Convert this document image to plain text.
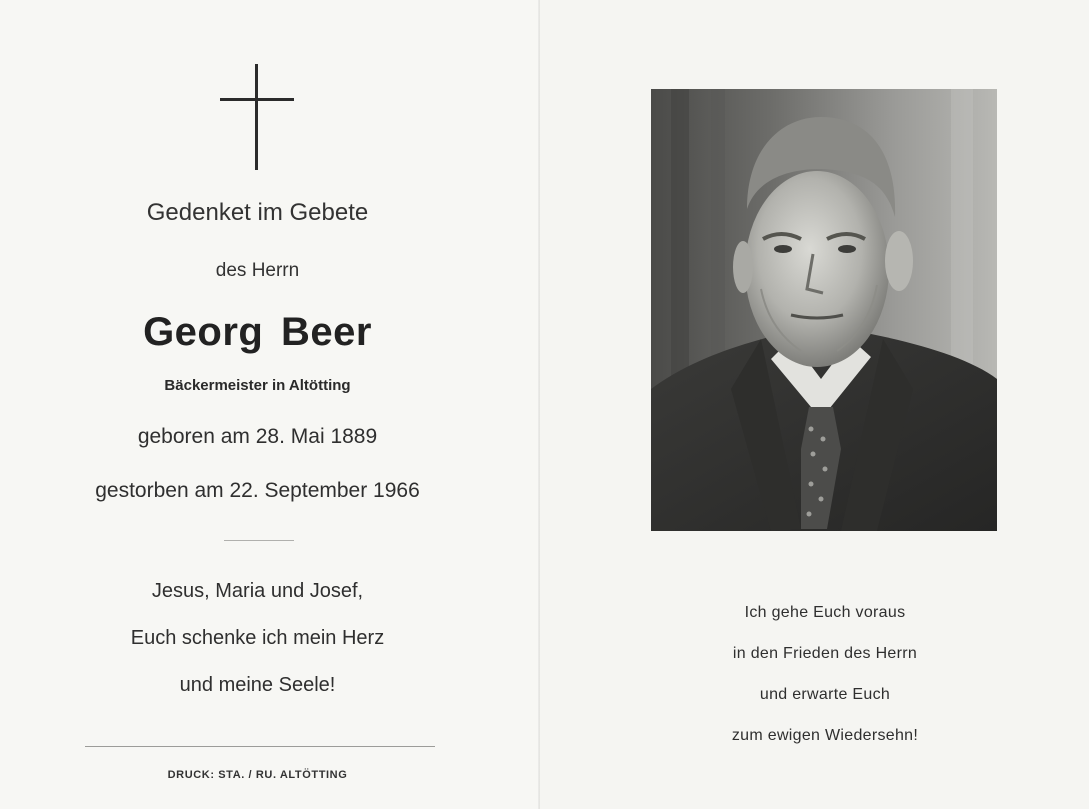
Gedenket im Gebete
des Herrn
Georg Beer
Bäckermeister in Altötting
geboren am 28. Mai 1889
gestorben am 22. September 1966
Jesus, Maria und Josef,
Euch schenke ich mein Herz
und meine Seele!
DRUCK: STA. / RU. ALTÖTTING
Ich gehe Euch voraus
in den Frieden des Herrn
und erwarte Euch
zum ewigen Wiedersehn!
